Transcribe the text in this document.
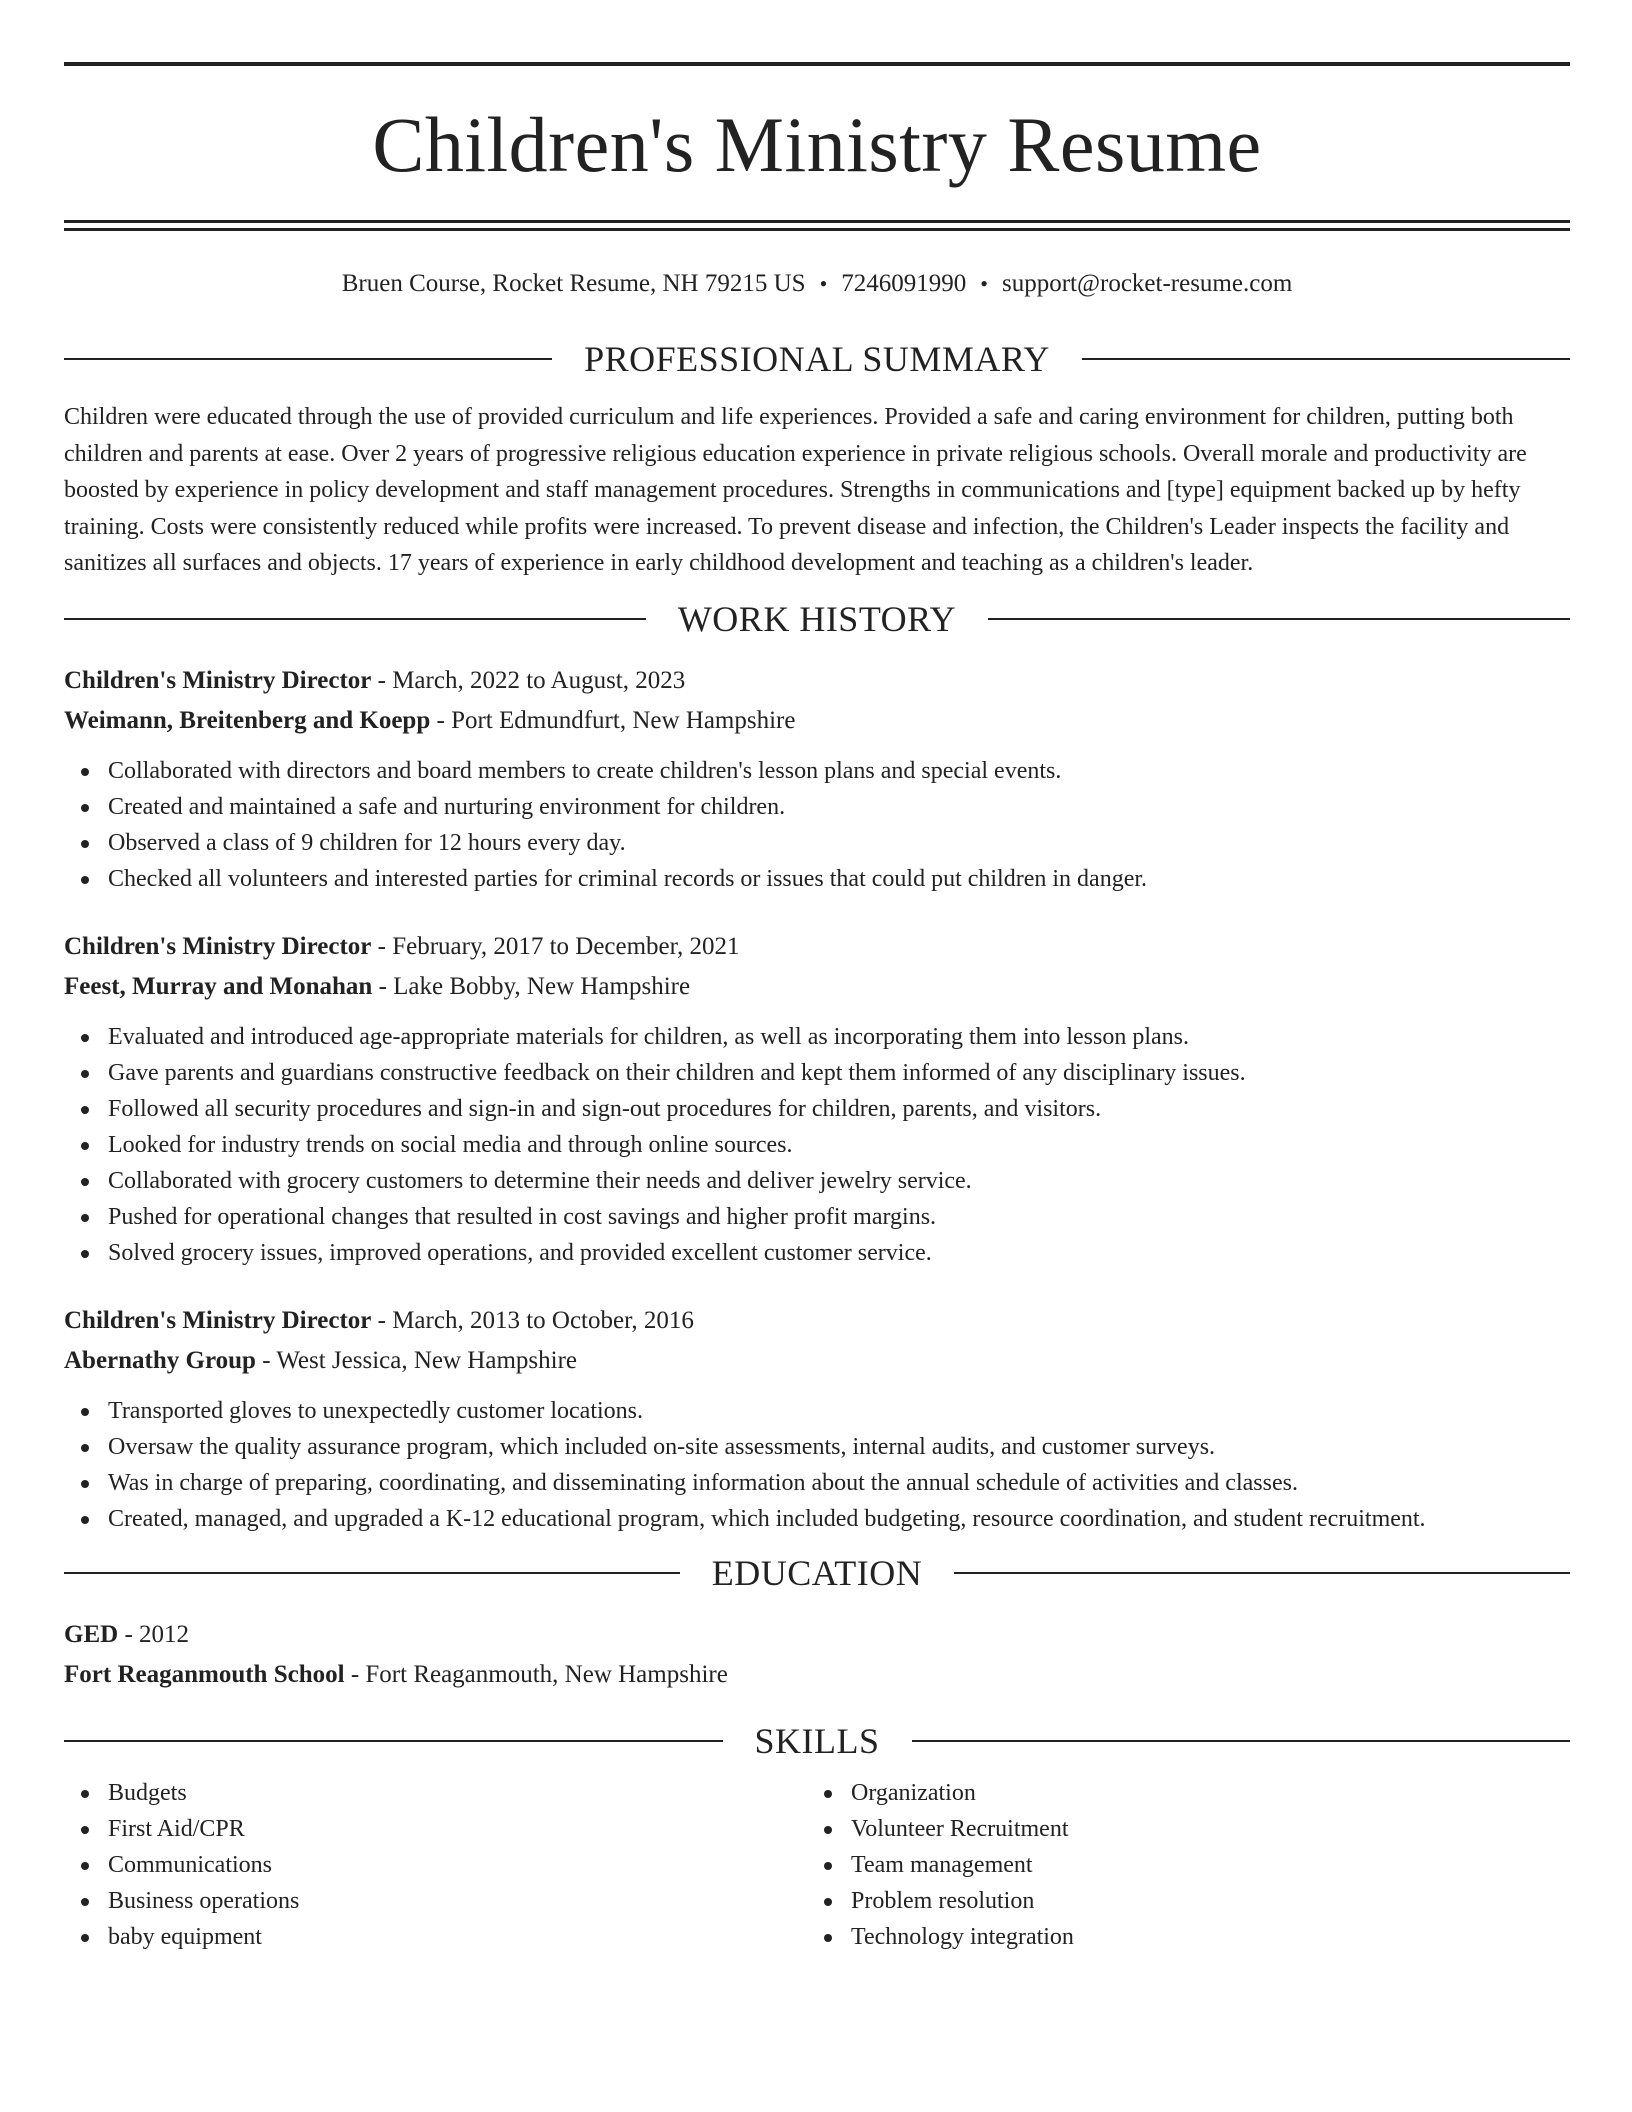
Children's Ministry Resume
Bruen Course, Rocket Resume, NH 79215 US • 7246091990 • support@rocket-resume.com
PROFESSIONAL SUMMARY

Children were educated through the use of provided curriculum and life experiences. Provided a safe and caring environment for children, putting both children and parents at ease. Over 2 years of progressive religious education experience in private religious schools. Overall morale and productivity are boosted by experience in policy development and staff management procedures. Strengths in communications and [type] equipment backed up by hefty training. Costs were consistently reduced while profits were increased. To prevent disease and infection, the Children's Leader inspects the facility and sanitizes all surfaces and objects. 17 years of experience in early childhood development and teaching as a children's leader.

WORK HISTORY
Children's Ministry Director - March, 2022 to August, 2023
Weimann, Breitenberg and Koepp - Port Edmundfurt, New Hampshire
Collaborated with directors and board members to create children's lesson plans and special events.
Created and maintained a safe and nurturing environment for children.
Observed a class of 9 children for 12 hours every day.
Checked all volunteers and interested parties for criminal records or issues that could put children in danger.
Children's Ministry Director - February, 2017 to December, 2021
Feest, Murray and Monahan - Lake Bobby, New Hampshire
Evaluated and introduced age-appropriate materials for children, as well as incorporating them into lesson plans.
Gave parents and guardians constructive feedback on their children and kept them informed of any disciplinary issues.
Followed all security procedures and sign-in and sign-out procedures for children, parents, and visitors.
Looked for industry trends on social media and through online sources.
Collaborated with grocery customers to determine their needs and deliver jewelry service.
Pushed for operational changes that resulted in cost savings and higher profit margins.
Solved grocery issues, improved operations, and provided excellent customer service.
Children's Ministry Director - March, 2013 to October, 2016
Abernathy Group - West Jessica, New Hampshire
Transported gloves to unexpectedly customer locations.
Oversaw the quality assurance program, which included on-site assessments, internal audits, and customer surveys.
Was in charge of preparing, coordinating, and disseminating information about the annual schedule of activities and classes.
Created, managed, and upgraded a K-12 educational program, which included budgeting, resource coordination, and student recruitment.
EDUCATION
GED - 2012
Fort Reaganmouth School - Fort Reaganmouth, New Hampshire
SKILLS
Budgets
First Aid/CPR
Communications
Business operations
baby equipment
Organization
Volunteer Recruitment
Team management
Problem resolution
Technology integration
